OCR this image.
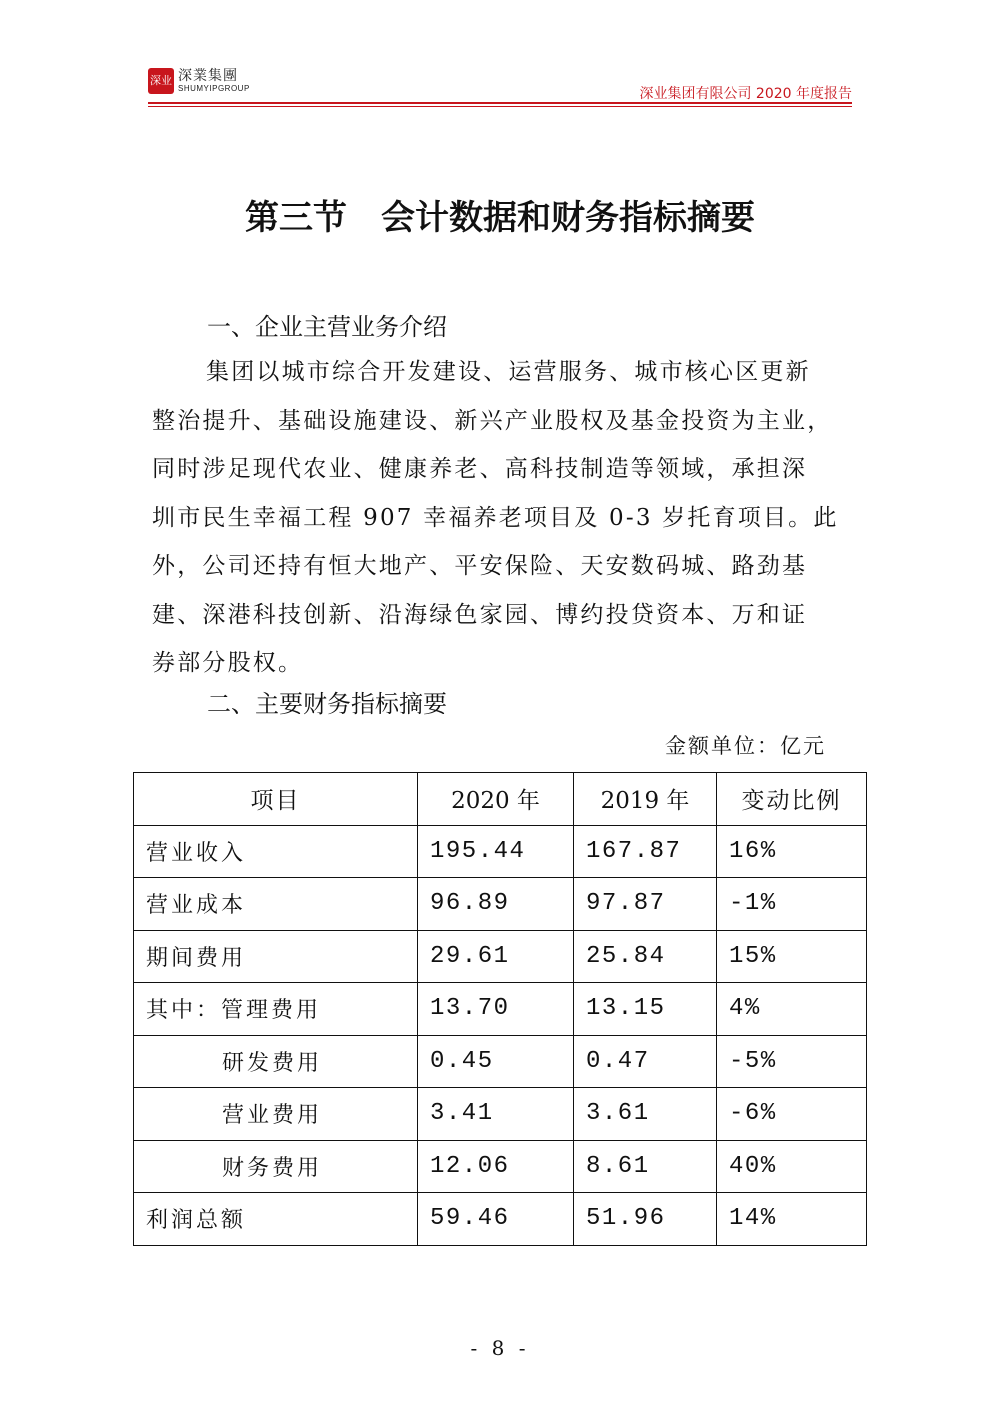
深业 深業集團
SHUMYIPGROUP	深业集团有限公司 2020 年度报告
第三节　会计数据和财务指标摘要
一、企业主营业务介绍
集团以城市综合开发建设、运营服务、城市核心区更新
整治提升、基础设施建设、新兴产业股权及基金投资为主业，
同时涉足现代农业、健康养老、高科技制造等领域，承担深
圳市民生幸福工程 907 幸福养老项目及 0-3 岁托育项目。此
外，公司还持有恒大地产、平安保险、天安数码城、路劲基
建、深港科技创新、沿海绿色家园、博约投贷资本、万和证
券部分股权。
二、主要财务指标摘要
金额单位：亿元
项目	2020 年	2019 年	变动比例
营业收入	195.44	167.87	16%
营业成本	96.89	97.87	-1%
期间费用	29.61	25.84	15%
其中：管理费用	13.70	13.15	4%
研发费用	0.45	0.47	-5%
营业费用	3.41	3.61	-6%
财务费用	12.06	8.61	40%
利润总额	59.46	51.96	14%
- 8 -
